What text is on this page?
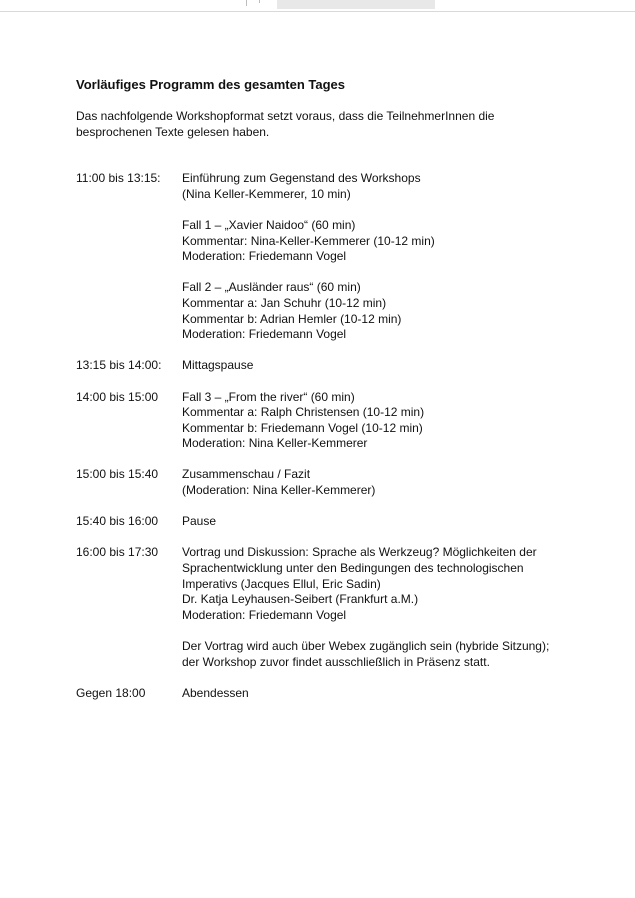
Vorläufiges Programm des gesamten Tages

Das nachfolgende Workshopformat setzt voraus, dass die TeilnehmerInnen die
besprochenen Texte gelesen haben.

11:00 bis 13:15:	Einführung zum Gegenstand des Workshops
(Nina Keller-Kemmerer, 10 min)
Fall 1 – „Xavier Naidoo“ (60 min)
Kommentar: Nina-Keller-Kemmerer (10-12 min)
Moderation: Friedemann Vogel
Fall 2 – „Ausländer raus“ (60 min)
Kommentar a: Jan Schuhr (10-12 min)
Kommentar b: Adrian Hemler (10-12 min)
Moderation: Friedemann Vogel
13:15 bis 14:00:	Mittagspause
14:00 bis 15:00	Fall 3 – „From the river“ (60 min)
Kommentar a: Ralph Christensen (10-12 min)
Kommentar b: Friedemann Vogel (10-12 min)
Moderation: Nina Keller-Kemmerer
15:00 bis 15:40	Zusammenschau / Fazit
(Moderation: Nina Keller-Kemmerer)
15:40 bis 16:00	Pause
16:00 bis 17:30	Vortrag und Diskussion: Sprache als Werkzeug? Möglichkeiten der
Sprachentwicklung unter den Bedingungen des technologischen
Imperativs (Jacques Ellul, Eric Sadin)
Dr. Katja Leyhausen-Seibert (Frankfurt a.M.)
Moderation: Friedemann Vogel
Der Vortrag wird auch über Webex zugänglich sein (hybride Sitzung);
der Workshop zuvor findet ausschließlich in Präsenz statt.
Gegen 18:00	Abendessen
